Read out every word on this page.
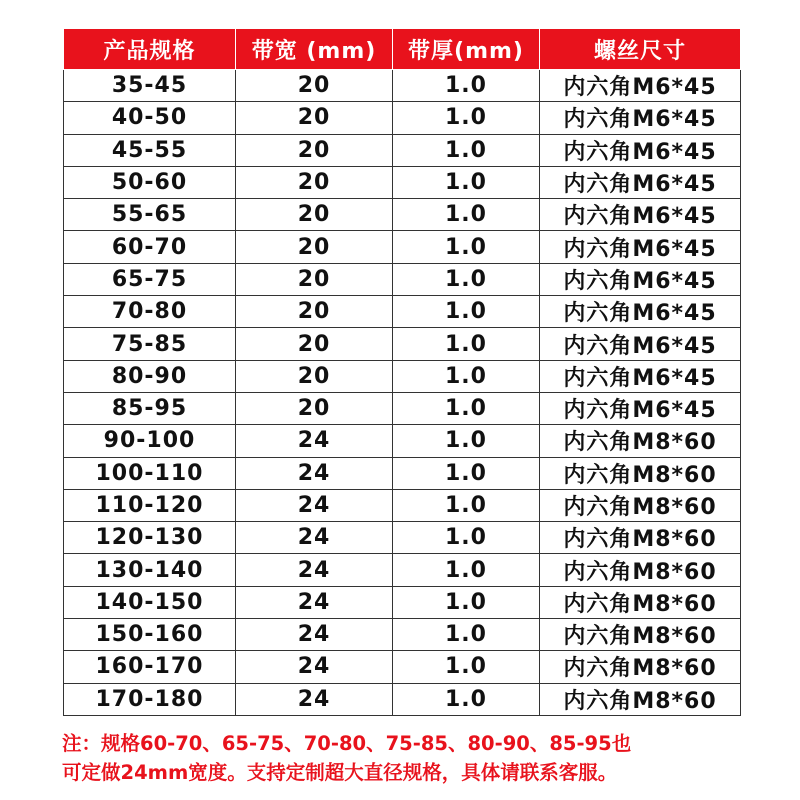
产品规格	带宽 (mm)	带厚(mm)	螺丝尺寸
35-45	20	1.0	内六角M6*45
40-50	20	1.0	内六角M6*45
45-55	20	1.0	内六角M6*45
50-60	20	1.0	内六角M6*45
55-65	20	1.0	内六角M6*45
60-70	20	1.0	内六角M6*45
65-75	20	1.0	内六角M6*45
70-80	20	1.0	内六角M6*45
75-85	20	1.0	内六角M6*45
80-90	20	1.0	内六角M6*45
85-95	20	1.0	内六角M6*45
90-100	24	1.0	内六角M8*60
100-110	24	1.0	内六角M8*60
110-120	24	1.0	内六角M8*60
120-130	24	1.0	内六角M8*60
130-140	24	1.0	内六角M8*60
140-150	24	1.0	内六角M8*60
150-160	24	1.0	内六角M8*60
160-170	24	1.0	内六角M8*60
170-180	24	1.0	内六角M8*60
注：规格60-70、65-75、70-80、75-85、80-90、85-95也
可定做24mm宽度。支持定制超大直径规格，具体请联系客服。
